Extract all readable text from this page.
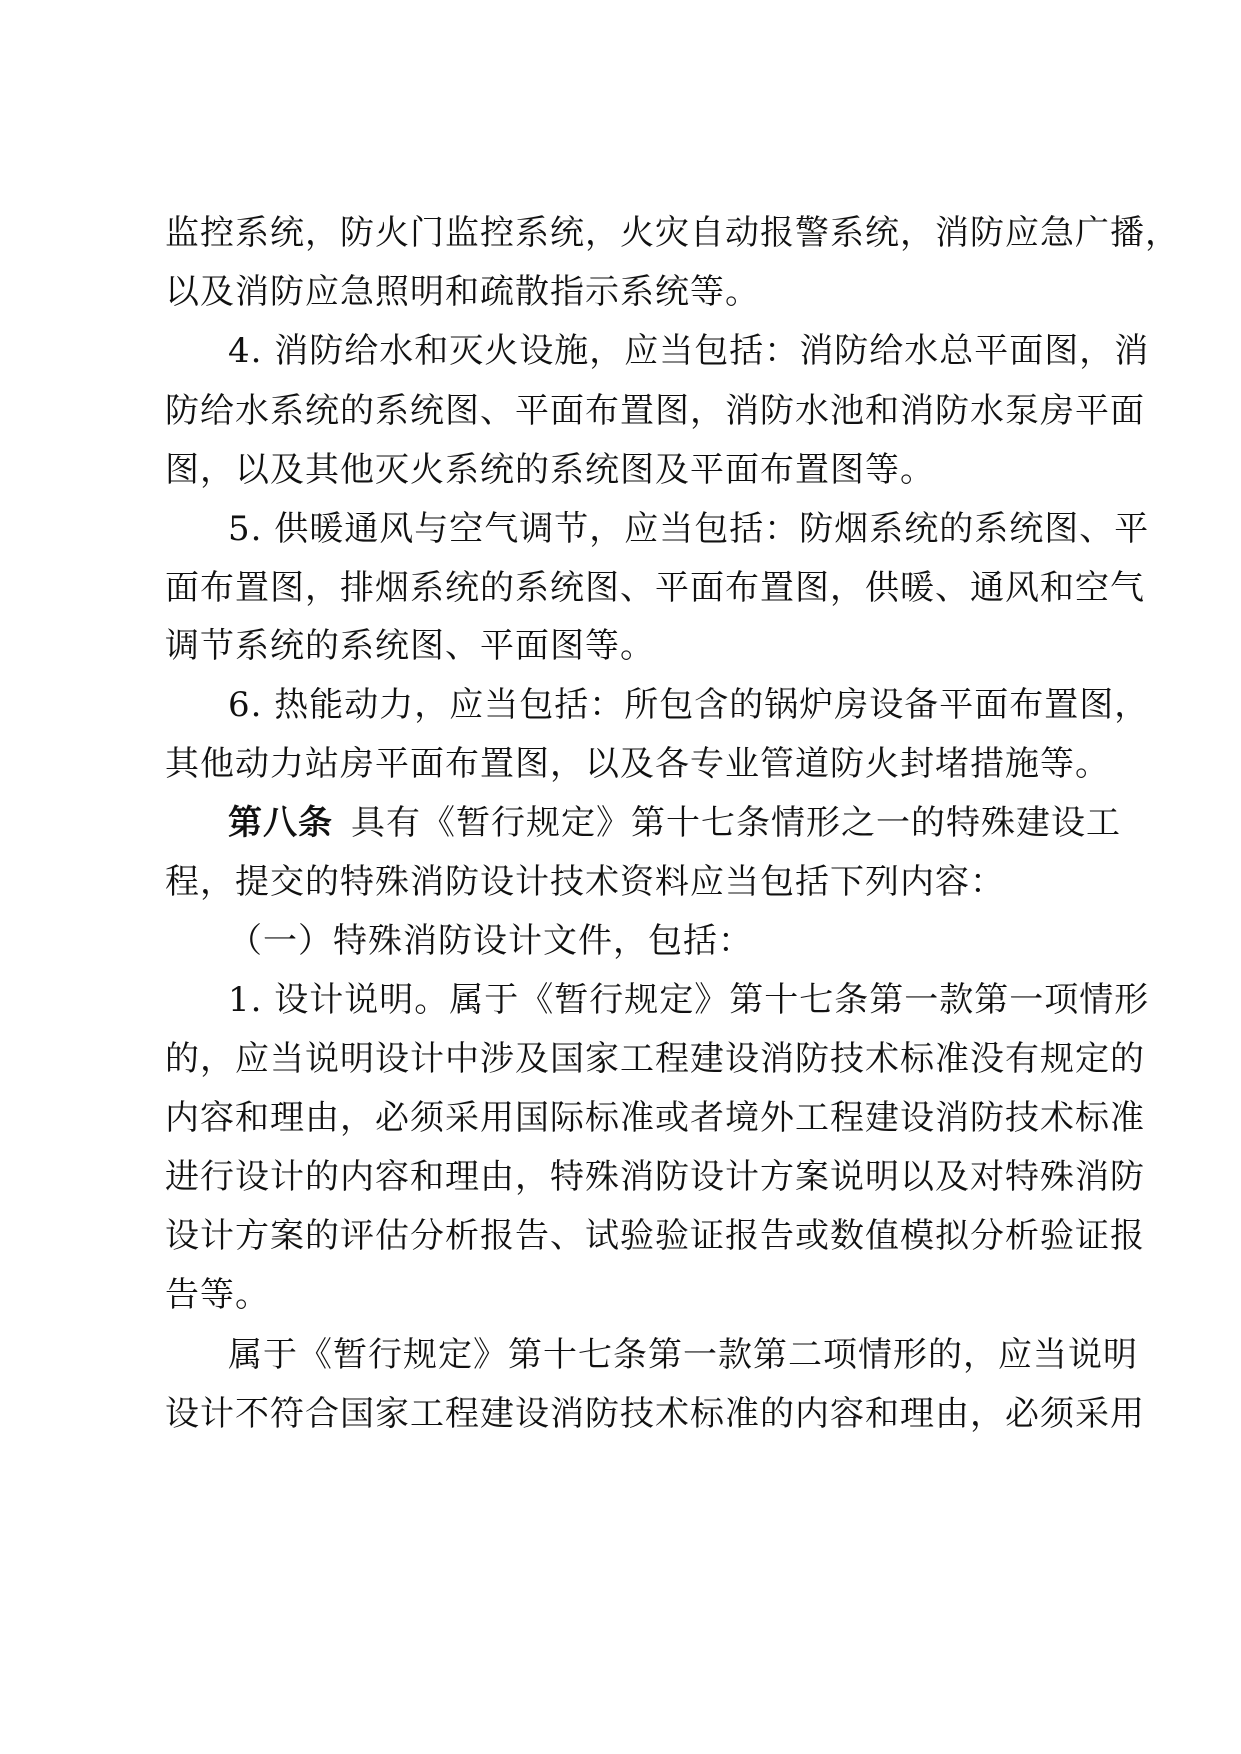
监控系统，防火门监控系统，火灾自动报警系统，消防应急广播，
以及消防应急照明和疏散指示系统等。
4. 消防给水和灭火设施，应当包括：消防给水总平面图，消
防给水系统的系统图、平面布置图，消防水池和消防水泵房平面
图，以及其他灭火系统的系统图及平面布置图等。
5. 供暖通风与空气调节，应当包括：防烟系统的系统图、平
面布置图，排烟系统的系统图、平面布置图，供暖、通风和空气
调节系统的系统图、平面图等。
6. 热能动力，应当包括：所包含的锅炉房设备平面布置图，
其他动力站房平面布置图，以及各专业管道防火封堵措施等。
第八条 具有《暂行规定》第十七条情形之一的特殊建设工
程，提交的特殊消防设计技术资料应当包括下列内容：
（一）特殊消防设计文件，包括：
1. 设计说明。属于《暂行规定》第十七条第一款第一项情形
的，应当说明设计中涉及国家工程建设消防技术标准没有规定的
内容和理由，必须采用国际标准或者境外工程建设消防技术标准
进行设计的内容和理由，特殊消防设计方案说明以及对特殊消防
设计方案的评估分析报告、试验验证报告或数值模拟分析验证报
告等。
属于《暂行规定》第十七条第一款第二项情形的，应当说明
设计不符合国家工程建设消防技术标准的内容和理由，必须采用
